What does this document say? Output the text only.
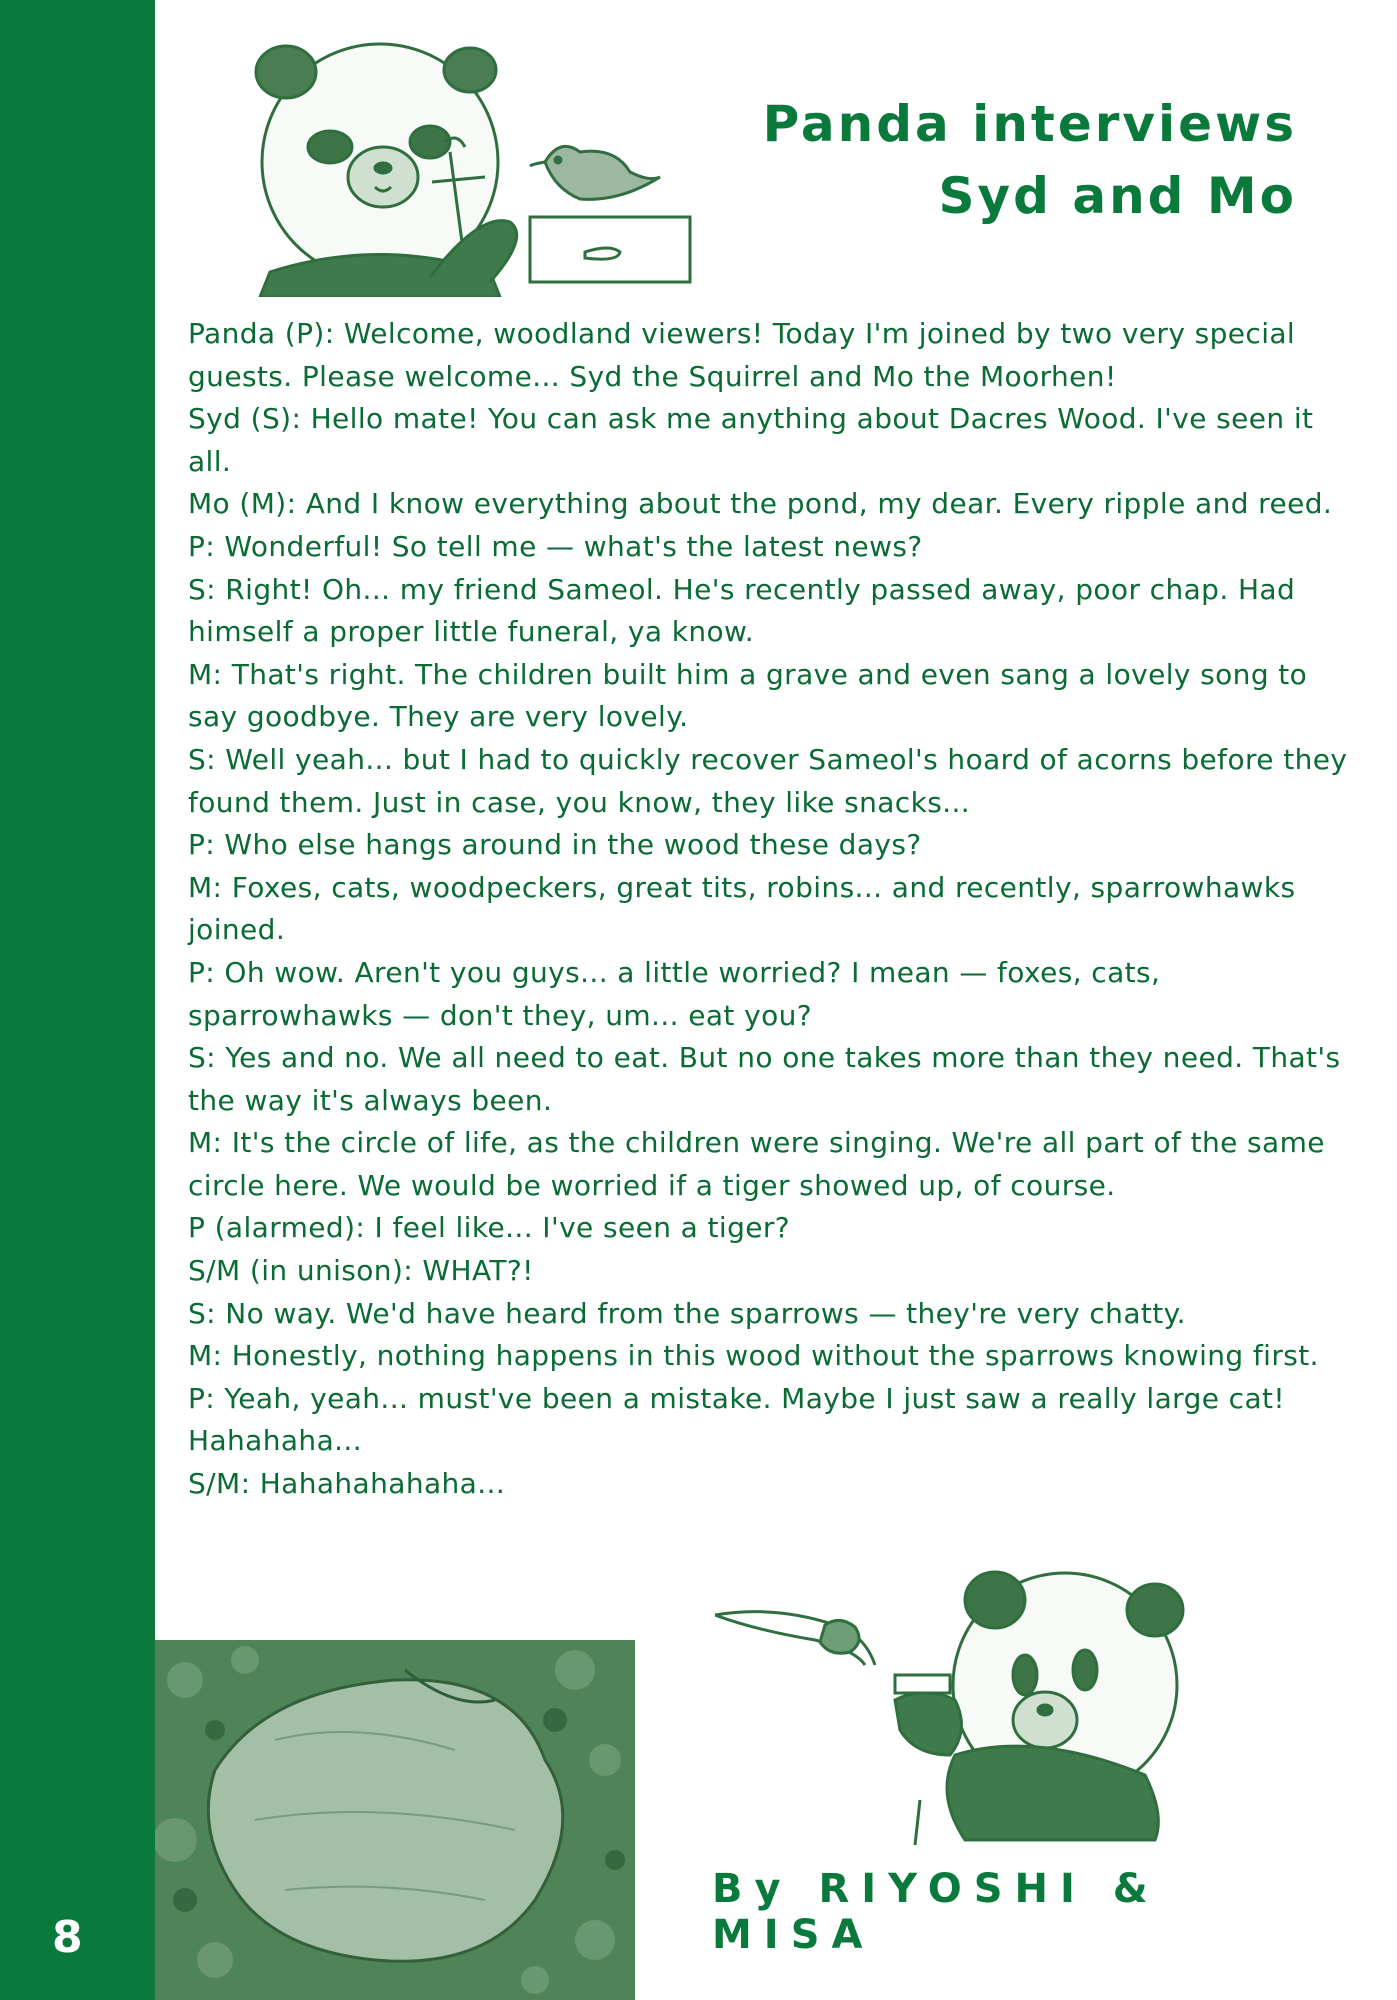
8
Panda interviews
Syd and Mo

Panda (P): Welcome, woodland viewers! Today I'm joined by two very special guests. Please welcome... Syd the Squirrel and Mo the Moorhen!

Syd (S): Hello mate! You can ask me anything about Dacres Wood. I've seen it all.

Mo (M): And I know everything about the pond, my dear. Every ripple and reed.

P: Wonderful! So tell me — what's the latest news?

S: Right! Oh... my friend Sameol. He's recently passed away, poor chap. Had himself a proper little funeral, ya know.

M: That's right. The children built him a grave and even sang a lovely song to say goodbye. They are very lovely.

S: Well yeah... but I had to quickly recover Sameol's hoard of acorns before they found them. Just in case, you know, they like snacks...

P: Who else hangs around in the wood these days?

M: Foxes, cats, woodpeckers, great tits, robins... and recently, sparrowhawks joined.

P: Oh wow. Aren't you guys... a little worried? I mean — foxes, cats, sparrowhawks — don't they, um... eat you?

S: Yes and no. We all need to eat. But no one takes more than they need. That's the way it's always been.

M: It's the circle of life, as the children were singing. We're all part of the same circle here. We would be worried if a tiger showed up, of course.

P (alarmed): I feel like... I've seen a tiger?

S/M (in unison): WHAT?!

S: No way. We'd have heard from the sparrows — they're very chatty.

M: Honestly, nothing happens in this wood without the sparrows knowing first.

P: Yeah, yeah... must've been a mistake. Maybe I just saw a really large cat! Hahahaha...

S/M: Hahahahahaha...

By RIYOSHI & MISA
